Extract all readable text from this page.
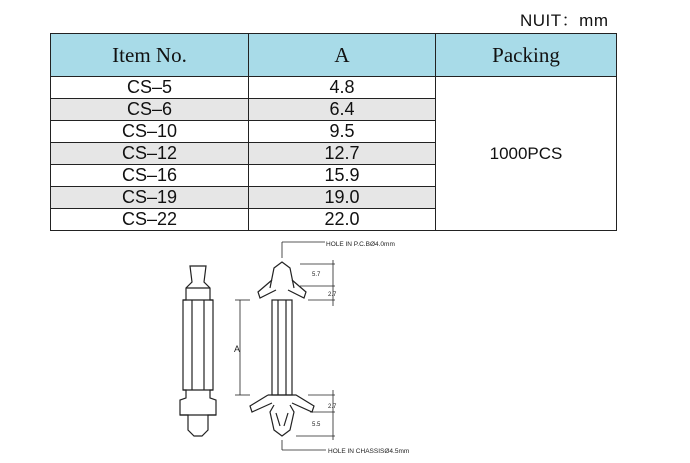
NUIT：mm
Item No.	A	Packing
CS–5	4.8	1000PCS
CS–6	6.4	
CS–10	9.5	
CS–12	12.7	
CS–16	15.9	
CS–19	19.0	
CS–22	22.0	
HOLE IN P.C.BØ4.0mm
5.7
2.7
A
2.7
5.5
HOLE IN CHASSISØ4.5mm
